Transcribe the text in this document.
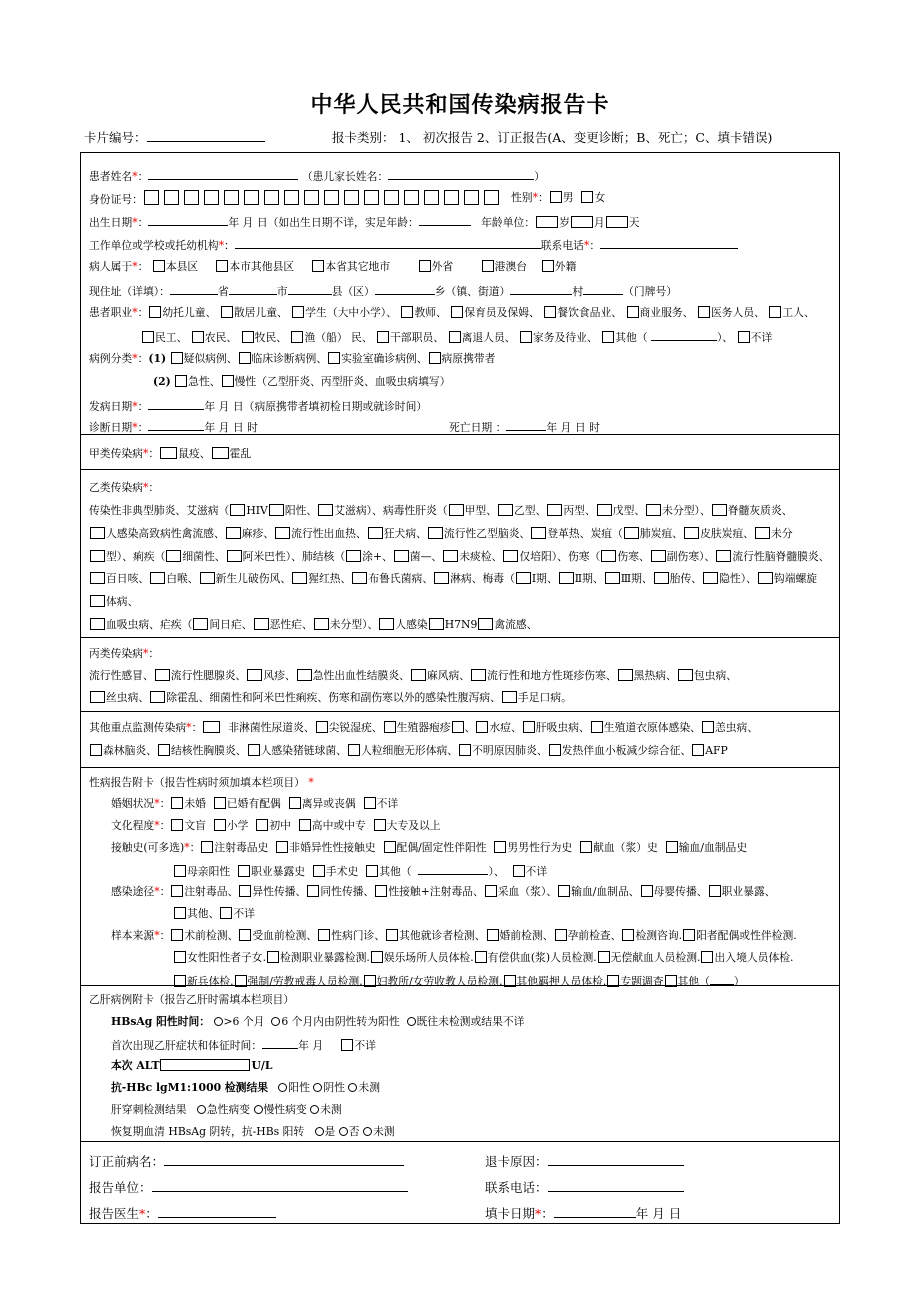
中华人民共和国传染病报告卡
卡片编号：	报卡类别： 1、 初次报告 2、订正报告(A、变更诊断；B、死亡；C、填卡错误)
患者姓名*：	（患儿家长姓名：	）
身份证号：	性别*： 男 女
出生日期*：	年 月 日（如出生日期不详，实足年龄：	年龄单位： 岁 月 天
工作单位或学校或托幼机构*：	联系电话*：
病人属于*： 本县区	本市其他县区	本省其它地市	外省	港澳台	外籍
现住址（详填）：	省	市	县（区）	乡（镇、街道）	村	（门牌号）
患者职业*： 幼托儿童、 散居儿童、 学生（大中小学）、 教师、 保育员及保姆、 餐饮食品业、 商业服务、 医务人员、 工人、
民工、 农民、 牧民、 渔（船） 民、 干部职员、 离退人员、 家务及待业、 其他（	）、 不详
病例分类*：(1) 疑似病例、 临床诊断病例、 实验室确诊病例、 病原携带者
(2) 急性、 慢性（乙型肝炎、丙型肝炎、血吸虫病填写）
发病日期*：	年 月 日（病原携带者填初检日期或就诊时间）
诊断日期*：	年 月 日 时	死亡日期 ：	年 月 日 时
甲类传染病*： 鼠疫、 霍乱
乙类传染病*：
传染性非典型肺炎、艾滋病（ HIV 阳性、 艾滋病）、病毒性肝炎（ 甲型、 乙型、 丙型、 戊型、 未分型）、 脊髓灰质炎、
人感染高致病性禽流感、 麻疹、 流行性出血热、 狂犬病、 流行性乙型脑炎、 登革热、炭疽（ 肺炭疽、 皮肤炭疽、 未分
型）、痢疾（ 细菌性、 阿米巴性）、肺结核（ 涂+、 菌—、 未痰检、 仅培阳）、伤寒（ 伤寒、 副伤寒）、 流行性脑脊髓膜炎、
百日咳、 白喉、 新生儿破伤风、 猩红热、 布鲁氏菌病、 淋病、梅毒（ Ⅰ期、 Ⅱ期、 Ⅲ期、 胎传、 隐性）、 钩端螺旋
体病、
血吸虫病、疟疾（ 间日疟、 恶性疟、 未分型）、 人感染 H7N9 禽流感、
丙类传染病*：
流行性感冒、 流行性腮腺炎、 风疹、 急性出血性结膜炎、 麻风病、 流行性和地方性斑疹伤寒、 黑热病、 包虫病、
丝虫病、 除霍乱、细菌性和阿米巴性痢疾、伤寒和副伤寒以外的感染性腹泻病、 手足口病。
其他重点监测传染病*： 非淋菌性尿道炎、 尖锐湿疣、 生殖器疱疹 、 水痘、 肝吸虫病、 生殖道衣原体感染、 恙虫病、
森林脑炎、 结核性胸膜炎、 人感染猪链球菌、 人粒细胞无形体病、 不明原因肺炎、 发热伴血小板减少综合征、 AFP
性病报告附卡（报告性病时须加填本栏项目） *
婚姻状况*： 未婚 已婚有配偶 离异或丧偶 不详
文化程度*： 文盲 小学 初中 高中或中专 大专及以上
接触史(可多选)*： 注射毒品史 非婚异性性接触史 配偶/固定性伴阳性 男男性行为史 献血（浆）史 输血/血制品史
母亲阳性 职业暴露史 手术史 其他（	）、 不详
感染途径*： 注射毒品、 异性传播、 同性传播、 性接触+注射毒品、 采血（浆）、 输血/血制品、 母婴传播、 职业暴露、
其他、 不详
样本来源*： 术前检测、 受血前检测、 性病门诊、 其他就诊者检测、 婚前检测、 孕前检查、 检测咨询. 阳者配偶或性伴检测.
女性阳性者子女. 检测职业暴露检测. 娱乐场所人员体检. 有偿供血(浆)人员检测. 无偿献血人员检测. 出入境人员体检.
新兵体检. 强制/劳教戒毒人员检测. 妇教所/女劳收教人员检测. 其他羁押人员体检. 专题调查 其他（ ）
乙肝病例附卡（报告乙肝时需填本栏项目）
HBsAg 阳性时间： >6 个月 6 个月内由阴性转为阳性 既往未检测或结果不详
首次出现乙肝症状和体征时间：	年 月	不详
本次 ALT	U/L
抗-HBc lgM1:1000 检测结果 阳性 阴性 未测
肝穿刺检测结果 急性病变 慢性病变 未测
恢复期血清 HBsAg 阴转，抗-HBs 阳转 是 否 未测
订正前病名：	退卡原因：
报告单位：	联系电话：
报告医生*：	填卡日期*：	年 月 日
